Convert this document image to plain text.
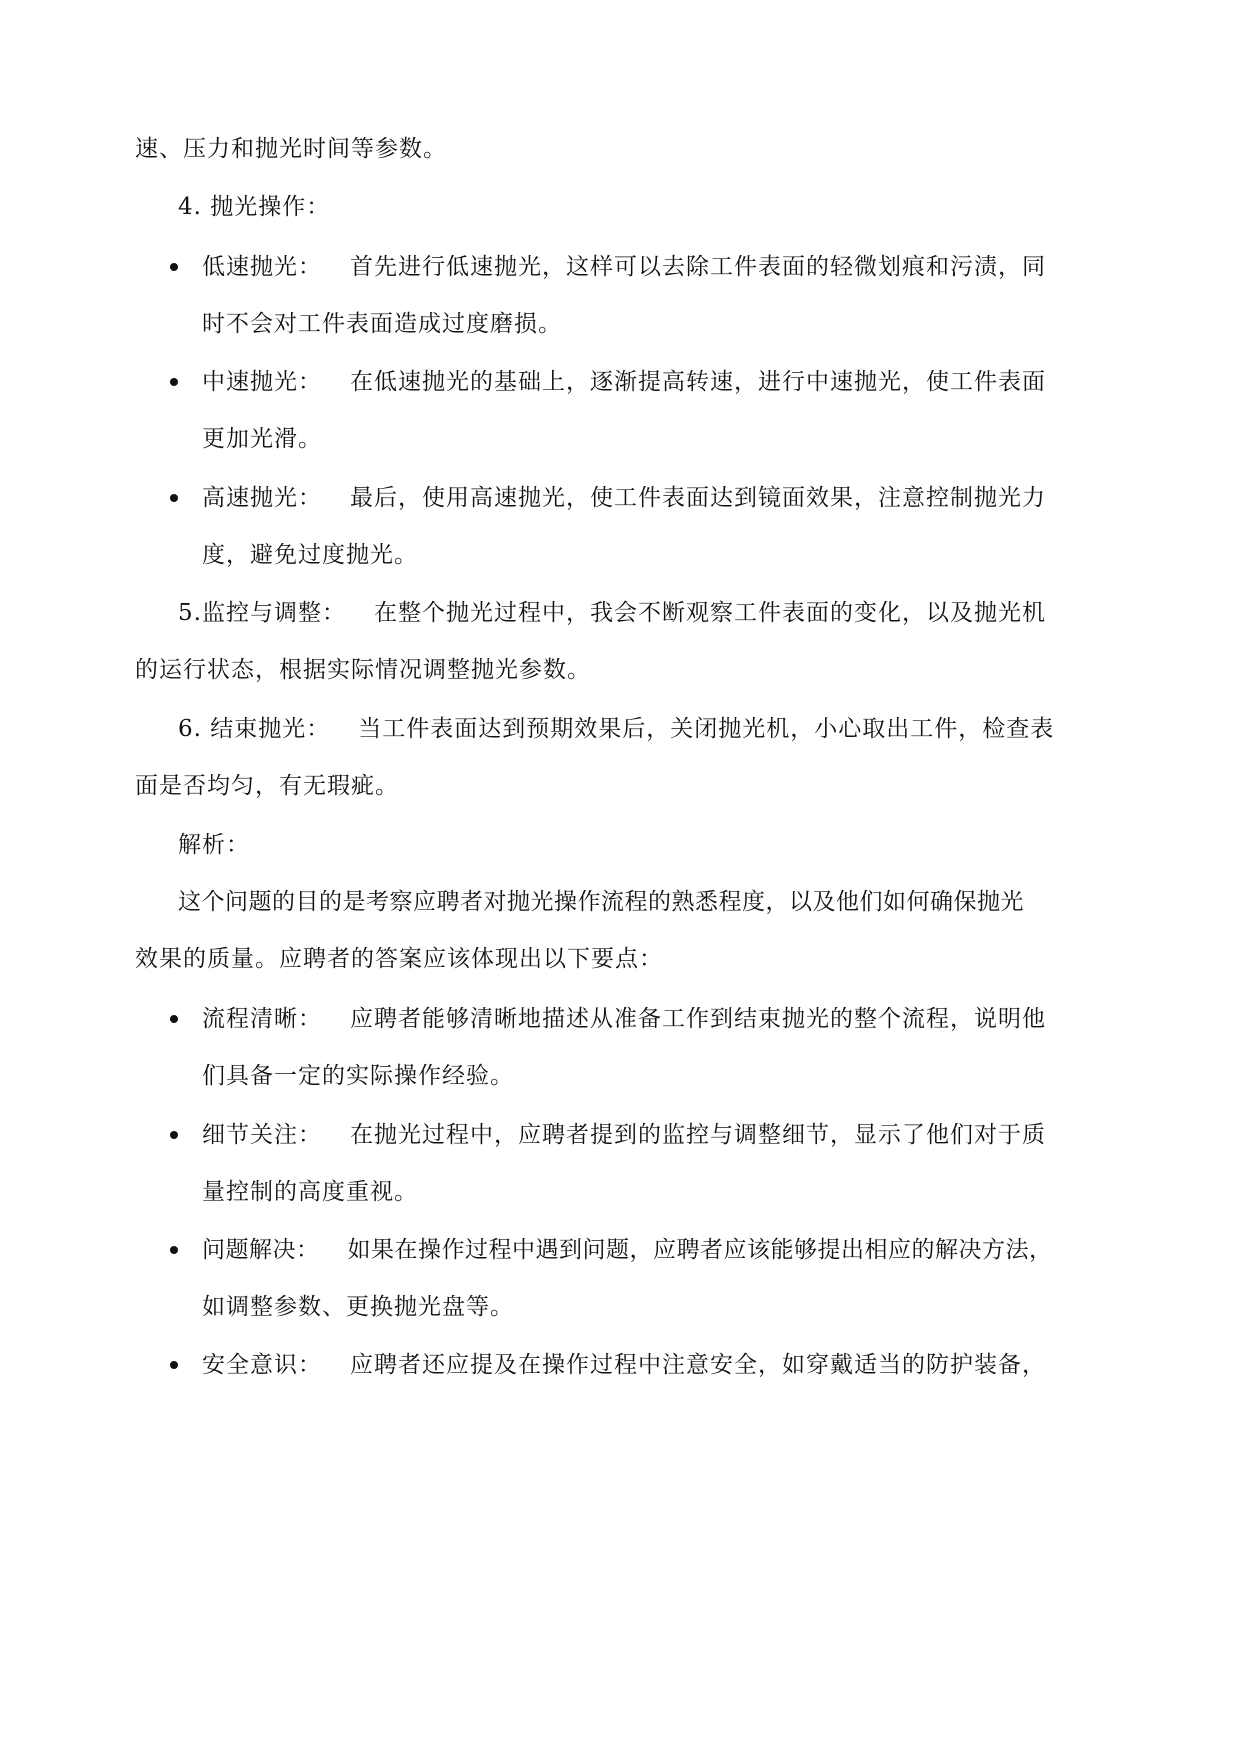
速、压力和抛光时间等参数。
4. 抛光操作：
低速抛光： 首先进行低速抛光，这样可以去除工件表面的轻微划痕和污渍，同
时不会对工件表面造成过度磨损。
中速抛光： 在低速抛光的基础上，逐渐提高转速，进行中速抛光，使工件表面
更加光滑。
高速抛光： 最后，使用高速抛光，使工件表面达到镜面效果，注意控制抛光力
度，避免过度抛光。
5.监控与调整： 在整个抛光过程中，我会不断观察工件表面的变化，以及抛光机
的运行状态，根据实际情况调整抛光参数。
6. 结束抛光： 当工件表面达到预期效果后，关闭抛光机，小心取出工件，检查表
面是否均匀，有无瑕疵。
解析：
这个问题的目的是考察应聘者对抛光操作流程的熟悉程度，以及他们如何确保抛光
效果的质量。应聘者的答案应该体现出以下要点：
流程清晰： 应聘者能够清晰地描述从准备工作到结束抛光的整个流程，说明他
们具备一定的实际操作经验。
细节关注： 在抛光过程中，应聘者提到的监控与调整细节，显示了他们对于质
量控制的高度重视。
问题解决： 如果在操作过程中遇到问题，应聘者应该能够提出相应的解决方法，
如调整参数、更换抛光盘等。
安全意识： 应聘者还应提及在操作过程中注意安全，如穿戴适当的防护装备，
